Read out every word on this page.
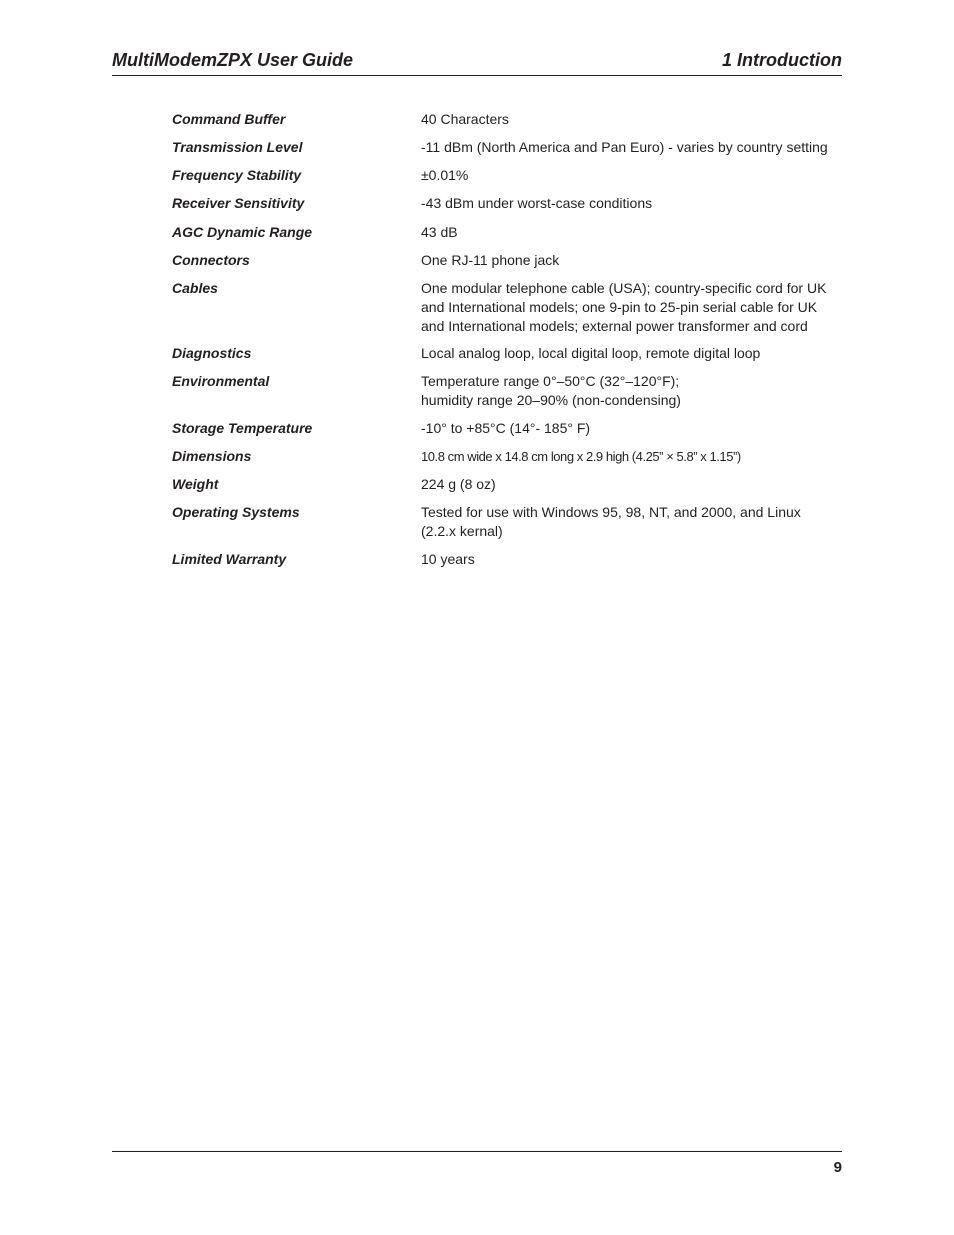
MultiModemZPX User Guide	1 Introduction
Command Buffer	40 Characters
Transmission Level	-11 dBm (North America and Pan Euro) - varies by country setting
Frequency Stability	±0.01%
Receiver Sensitivity	-43 dBm under worst-case conditions
AGC Dynamic Range	43 dB
Connectors	One RJ-11 phone jack
Cables	One modular telephone cable (USA); country-specific cord for UK
and International models; one 9-pin to 25-pin serial cable for UK
and International models; external power transformer and cord
Diagnostics	Local analog loop, local digital loop, remote digital loop
Environmental	Temperature range 0°–50°C (32°–120°F);
humidity range 20–90% (non-condensing)
Storage Temperature	-10° to +85°C (14°- 185° F)
Dimensions	10.8 cm wide x 14.8 cm long x 2.9 high (4.25” × 5.8” x 1.15”)
Weight	224 g (8 oz)
Operating Systems	Tested for use with Windows 95, 98, NT, and 2000, and Linux
(2.2.x kernal)
Limited Warranty	10 years
9
